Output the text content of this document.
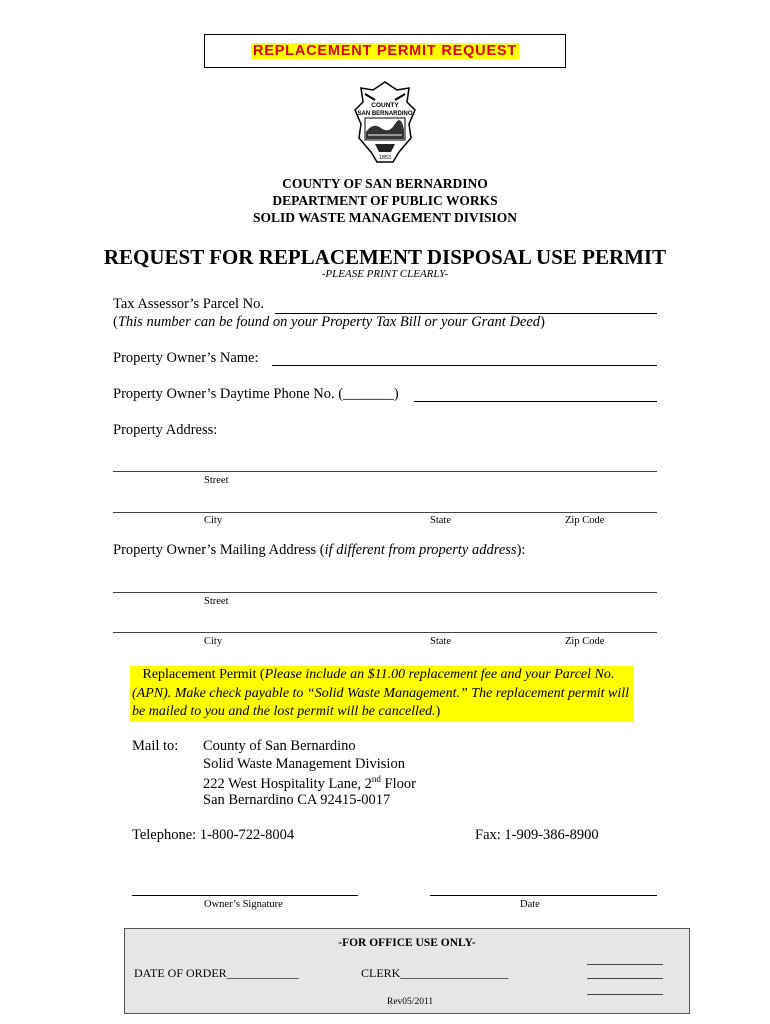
REPLACEMENT PERMIT REQUEST
COUNTY
SAN BERNARDINO
1853
COUNTY OF SAN BERNARDINO
DEPARTMENT OF PUBLIC WORKS
SOLID WASTE MANAGEMENT DIVISION
REQUEST FOR REPLACEMENT DISPOSAL USE PERMIT
-PLEASE PRINT CLEARLY-
Tax Assessor’s Parcel No.
(This number can be found on your Property Tax Bill or your Grant Deed)
Property Owner’s Name:
Property Owner’s Daytime Phone No. (_______)
Property Address:
Street
City	State	Zip Code
Property Owner’s Mailing Address (if different from property address):
Street
City	State	Zip Code
Replacement Permit (Please include an $11.00 replacement fee and your Parcel No. (APN). Make check payable to “Solid Waste Management.” The replacement permit will be mailed to you and the lost permit will be cancelled.)
Mail to: County of San Bernardino
Solid Waste Management Division
222 West Hospitality Lane, 2nd Floor
San Bernardino CA 92415-0017
Telephone: 1-800-722-8004	Fax: 1-909-386-8900
Owner’s Signature	Date
-FOR OFFICE USE ONLY-
DATE OF ORDER____________	CLERK__________________
Rev05/2011
